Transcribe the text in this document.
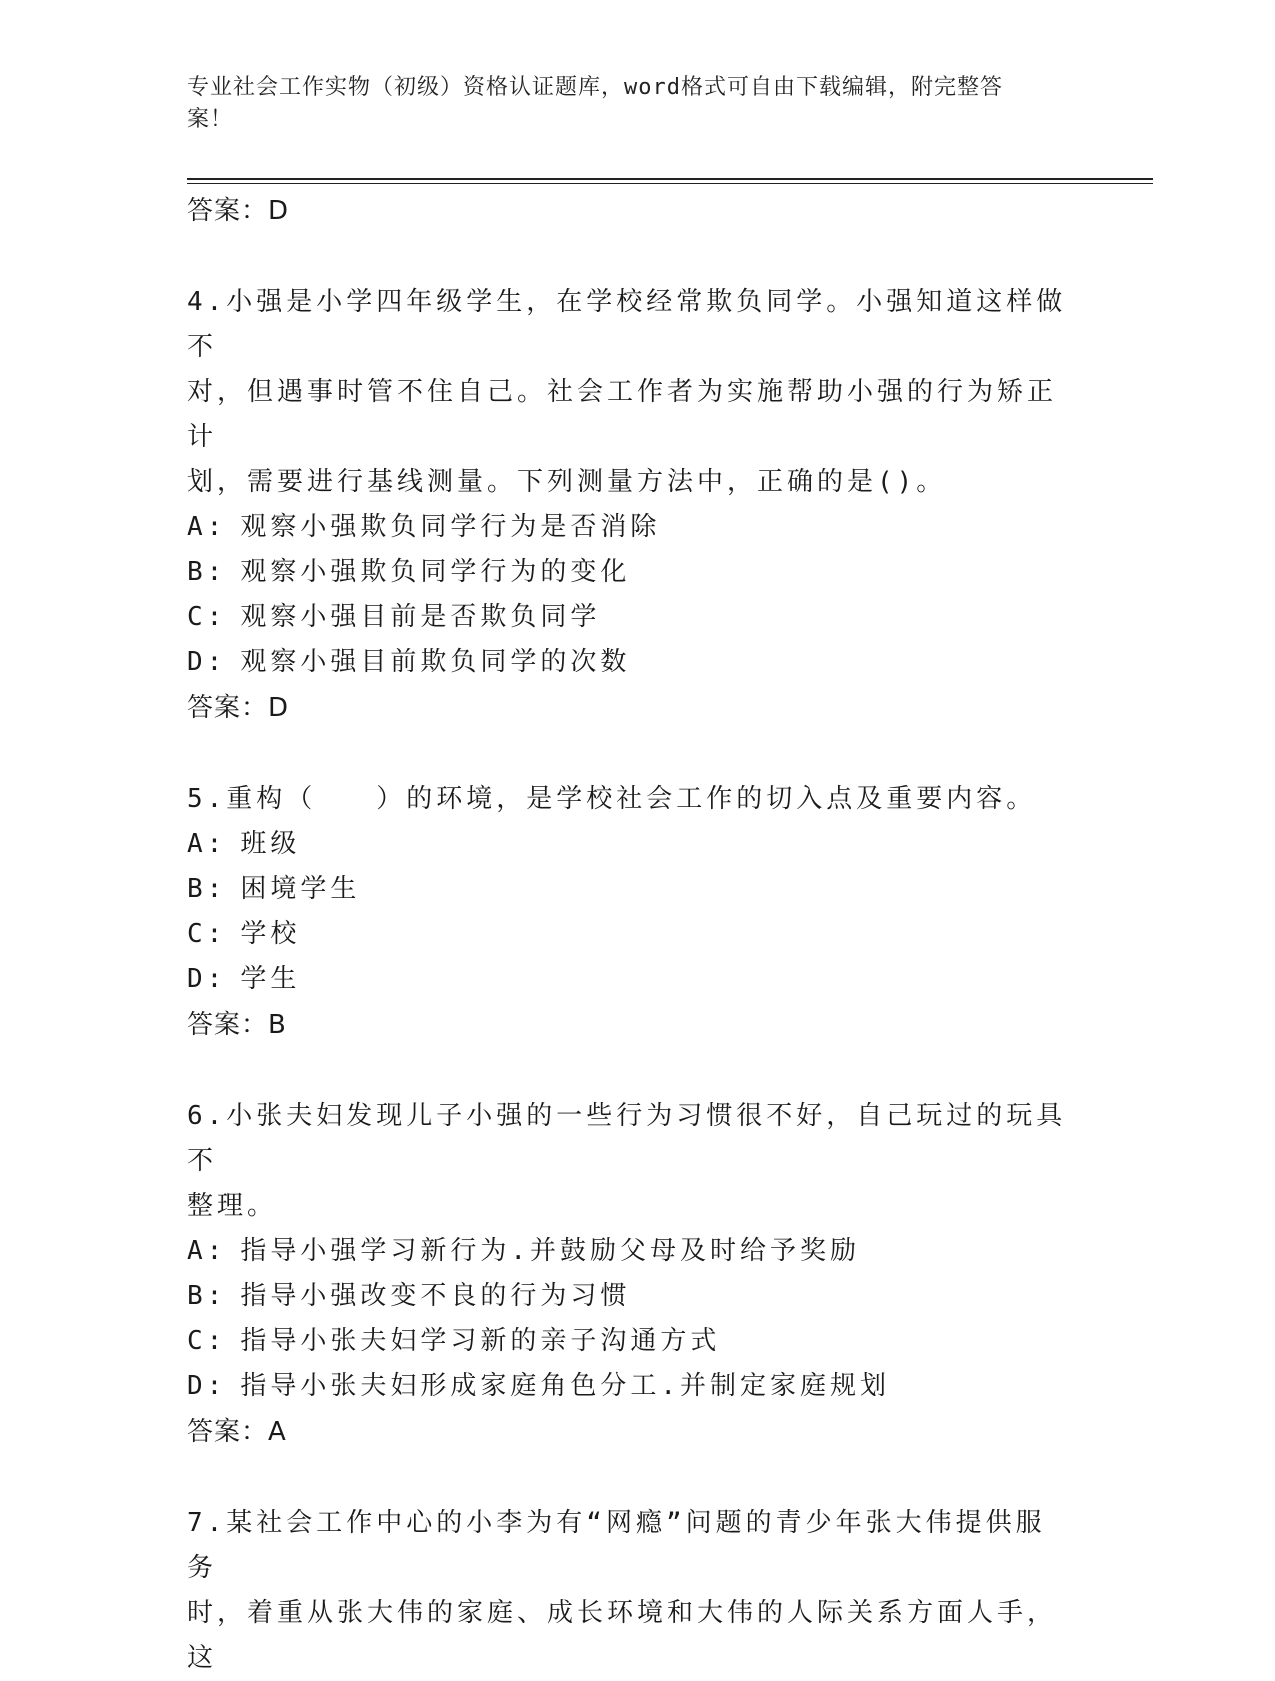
专业社会工作实物（初级）资格认证题库，word格式可自由下载编辑，附完整答
案！
答案：D
4.小强是小学四年级学生，在学校经常欺负同学。小强知道这样做不
对，但遇事时管不住自己。社会工作者为实施帮助小强的行为矫正计
划，需要进行基线测量。下列测量方法中，正确的是()。
A: 观察小强欺负同学行为是否消除
B: 观察小强欺负同学行为的变化
C: 观察小强目前是否欺负同学
D: 观察小强目前欺负同学的次数
答案：D
5.重构（　　）的环境，是学校社会工作的切入点及重要内容。
A: 班级
B: 困境学生
C: 学校
D: 学生
答案：B
6.小张夫妇发现儿子小强的一些行为习惯很不好，自己玩过的玩具不
整理。
A: 指导小强学习新行为.并鼓励父母及时给予奖励
B: 指导小强改变不良的行为习惯
C: 指导小张夫妇学习新的亲子沟通方式
D: 指导小张夫妇形成家庭角色分工.并制定家庭规划
答案：A
7.某社会工作中心的小李为有“网瘾”问题的青少年张大伟提供服务
时，着重从张大伟的家庭、成长环境和大伟的人际关系方面人手，这
